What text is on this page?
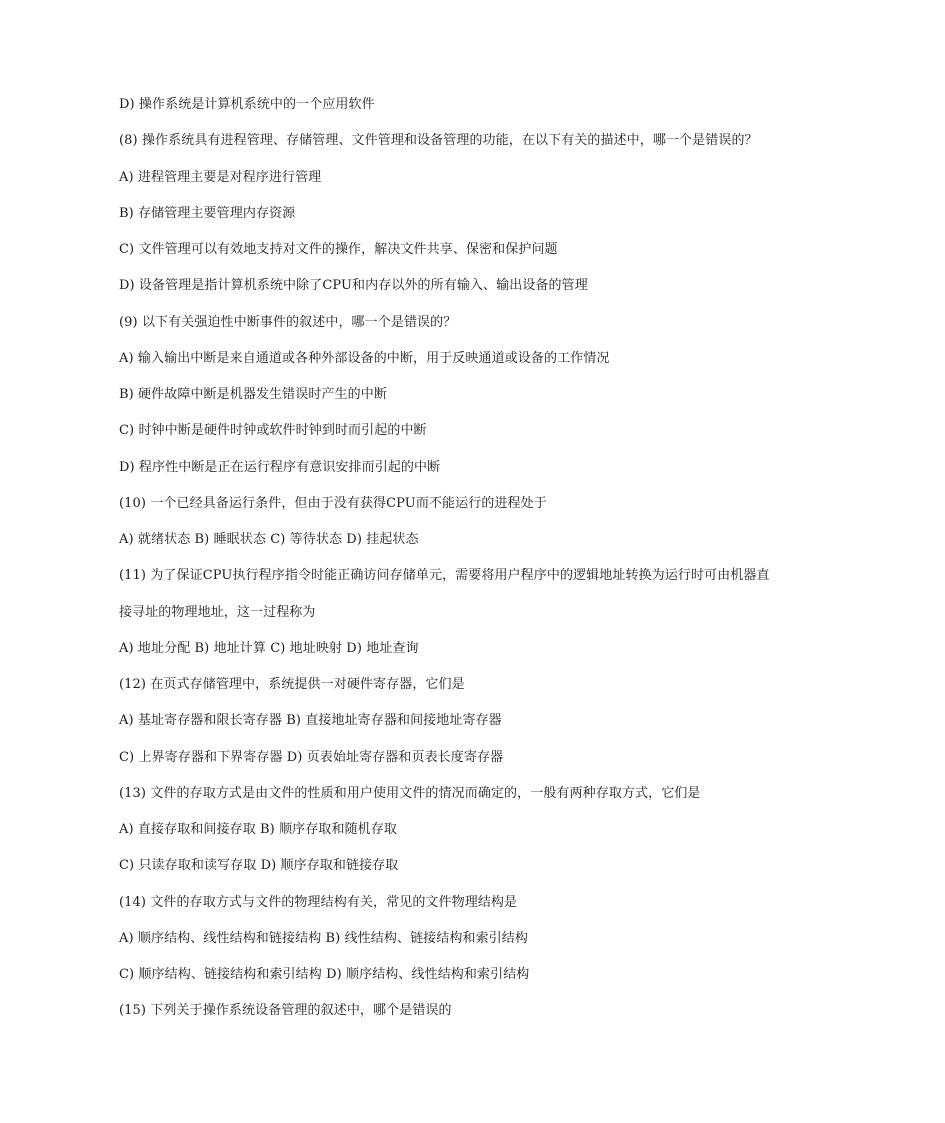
D) 操作系统是计算机系统中的一个应用软件
(8) 操作系统具有进程管理、存储管理、文件管理和设备管理的功能，在以下有关的描述中，哪一个是错误的？
A) 进程管理主要是对程序进行管理
B) 存储管理主要管理内存资源
C) 文件管理可以有效地支持对文件的操作，解决文件共享、保密和保护问题
D) 设备管理是指计算机系统中除了CPU和内存以外的所有输入、输出设备的管理
(9) 以下有关强迫性中断事件的叙述中，哪一个是错误的？
A) 输入输出中断是来自通道或各种外部设备的中断，用于反映通道或设备的工作情况
B) 硬件故障中断是机器发生错误时产生的中断
C) 时钟中断是硬件时钟或软件时钟到时而引起的中断
D) 程序性中断是正在运行程序有意识安排而引起的中断
(10) 一个已经具备运行条件，但由于没有获得CPU而不能运行的进程处于
A) 就绪状态 B) 睡眠状态 C) 等待状态 D) 挂起状态
(11) 为了保证CPU执行程序指令时能正确访问存储单元，需要将用户程序中的逻辑地址转换为运行时可由机器直
接寻址的物理地址，这一过程称为
A) 地址分配 B) 地址计算 C) 地址映射 D) 地址查询
(12) 在页式存储管理中，系统提供一对硬件寄存器，它们是
A) 基址寄存器和限长寄存器 B) 直接地址寄存器和间接地址寄存器
C) 上界寄存器和下界寄存器 D) 页表始址寄存器和页表长度寄存器
(13) 文件的存取方式是由文件的性质和用户使用文件的情况而确定的，一般有两种存取方式，它们是
A) 直接存取和间接存取 B) 顺序存取和随机存取
C) 只读存取和读写存取 D) 顺序存取和链接存取
(14) 文件的存取方式与文件的物理结构有关，常见的文件物理结构是
A) 顺序结构、线性结构和链接结构 B) 线性结构、链接结构和索引结构
C) 顺序结构、链接结构和索引结构 D) 顺序结构、线性结构和索引结构
(15) 下列关于操作系统设备管理的叙述中，哪个是错误的
